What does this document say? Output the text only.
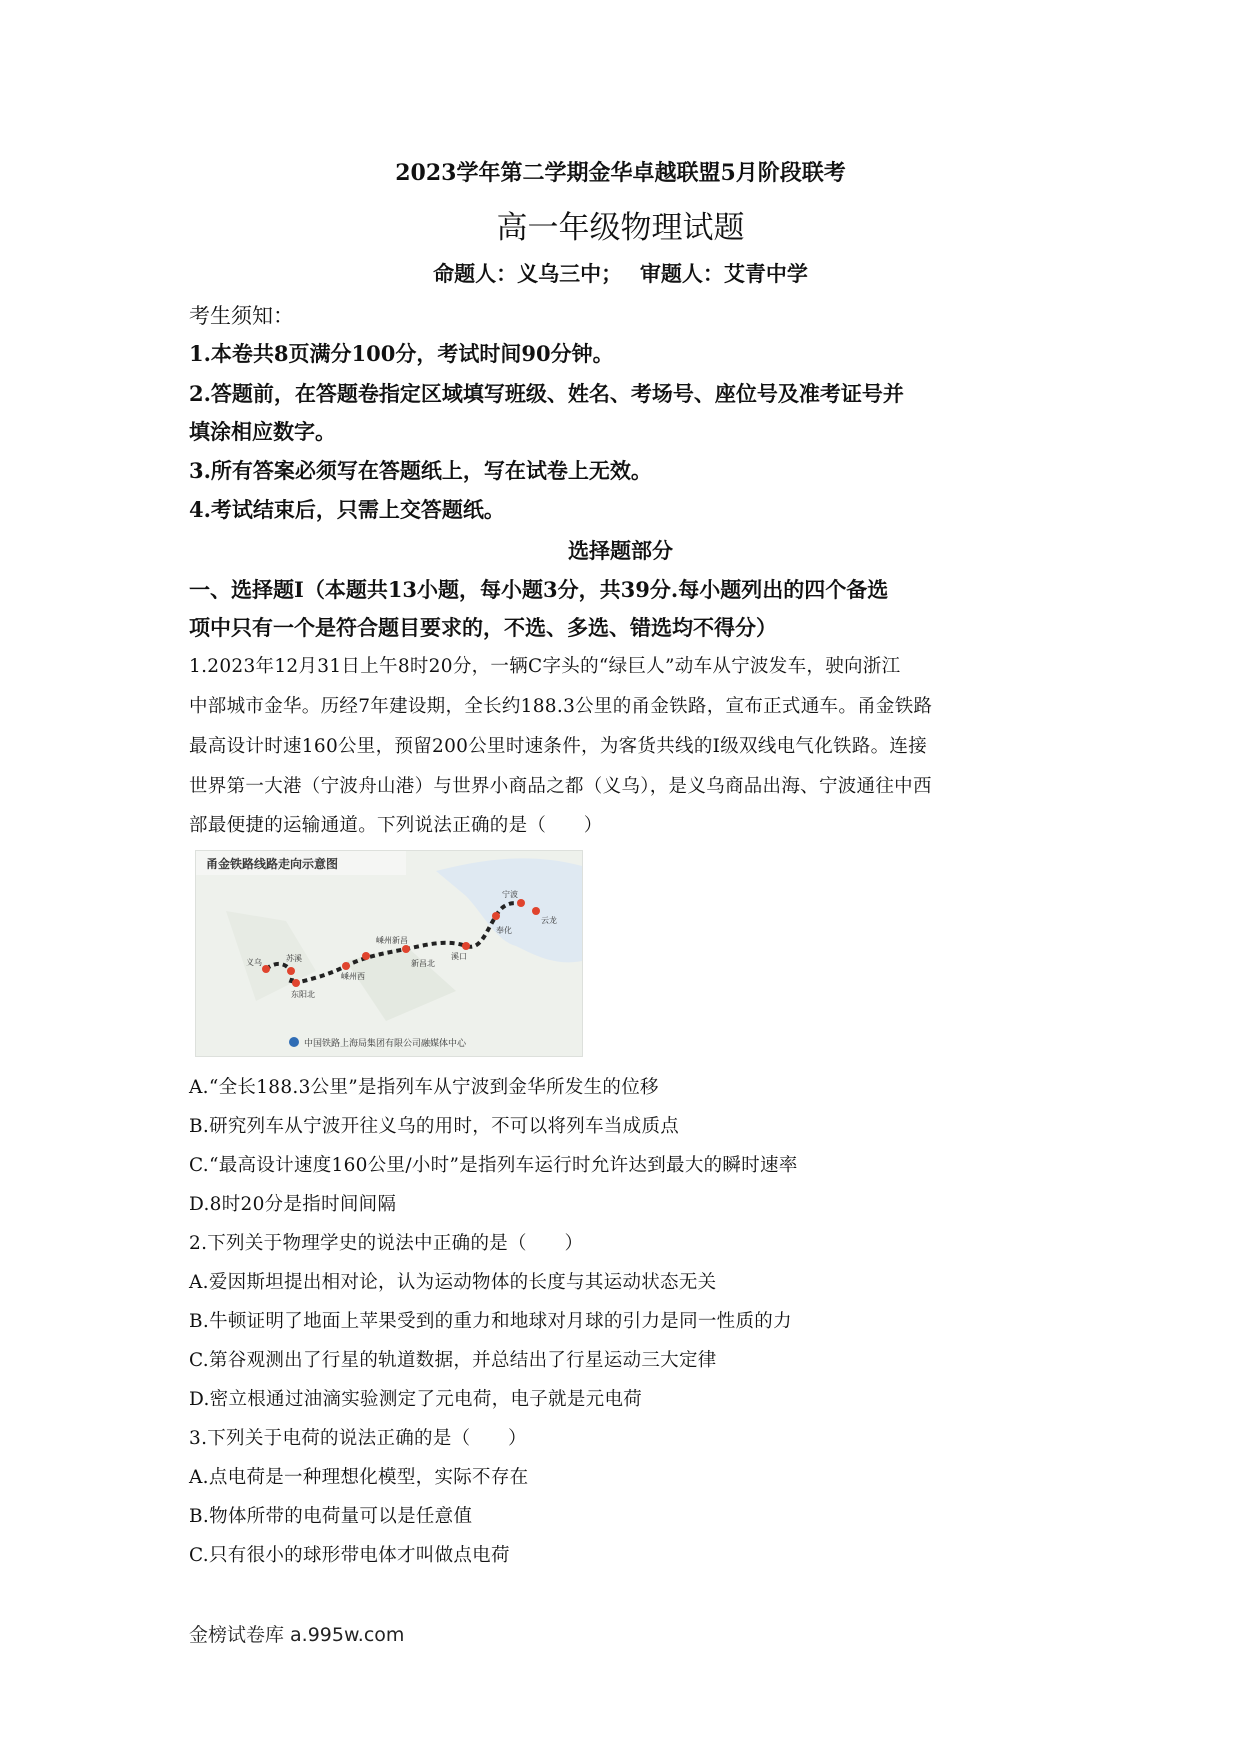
2023学年第二学期金华卓越联盟5月阶段联考
高一年级物理试题
命题人：义乌三中；　 审题人：艾青中学
考生须知：
1.本卷共8页满分100分，考试时间90分钟。
2.答题前，在答题卷指定区域填写班级、姓名、考场号、座位号及准考证号并
填涂相应数字。
3.所有答案必须写在答题纸上，写在试卷上无效。
4.考试结束后，只需上交答题纸。
选择题部分
一、选择题I（本题共13小题，每小题3分，共39分.每小题列出的四个备选
项中只有一个是符合题目要求的，不选、多选、错选均不得分）
1.2023年12月31日上午8时20分，一辆C字头的“绿巨人”动车从宁波发车，驶向浙江
中部城市金华。历经7年建设期，全长约188.3公里的甬金铁路，宣布正式通车。甬金铁路
最高设计时速160公里，预留200公里时速条件，为客货共线的I级双线电气化铁路。连接
世界第一大港（宁波舟山港）与世界小商品之都（义乌），是义乌商品出海、宁波通往中西
部最便捷的运输通道。下列说法正确的是（　　）
甬金铁路线路走向示意图
义乌	苏溪
东阳北
嵊州西
嵊州新昌
新昌北
溪口
奉化
宁波
云龙
中国铁路上海局集团有限公司融媒体中心
A.“全长188.3公里”是指列车从宁波到金华所发生的位移
B.研究列车从宁波开往义乌的用时，不可以将列车当成质点
C.“最高设计速度160公里/小时”是指列车运行时允许达到最大的瞬时速率
D.8时20分是指时间间隔
2.下列关于物理学史的说法中正确的是（　　）
A.爱因斯坦提出相对论，认为运动物体的长度与其运动状态无关
B.牛顿证明了地面上苹果受到的重力和地球对月球的引力是同一性质的力
C.第谷观测出了行星的轨道数据，并总结出了行星运动三大定律
D.密立根通过油滴实验测定了元电荷，电子就是元电荷
3.下列关于电荷的说法正确的是（　　）
A.点电荷是一种理想化模型，实际不存在
B.物体所带的电荷量可以是任意值
C.只有很小的球形带电体才叫做点电荷
金榜试卷库 a.995w.com
